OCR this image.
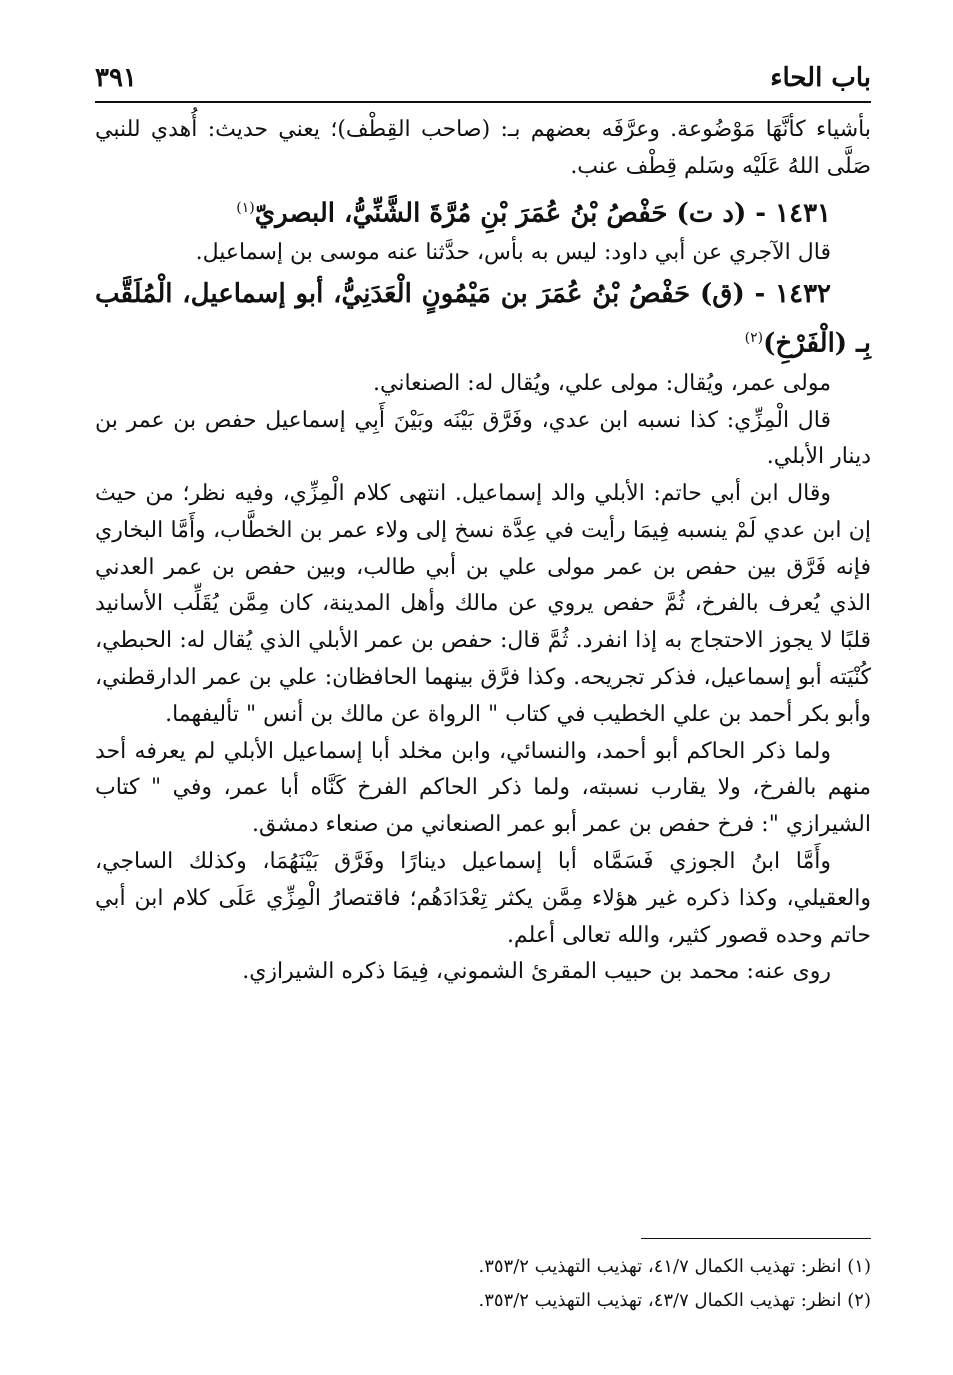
باب الحاء
٣٩١

بأشياء كأنَّهَا مَوْضُوعة. وعرَّفَه بعضهم بـ: (صاحب القِطْف)؛ يعني حديث: أُهدي للنبي صَلَّى اللهُ عَلَيْه وسَلم قِطْف عنب.

١٤٣١ - (د ت) حَفْصُ بْنُ عُمَرَ بْنِ مُرَّةَ الشَّنِّيُّ، البصريّ$^{(١)}$

قال الآجري عن أبي داود: ليس به بأس، حدَّثنا عنه موسى بن إسماعيل.

١٤٣٢ - (ق) حَفْصُ بْنُ عُمَرَ بن مَيْمُونٍ الْعَدَنِيُّ، أبو إسماعيل، الْمُلَقَّب بِـ (الْفَرْخِ)$^{(٢)}$

مولى عمر، ويُقال: مولى علي، ويُقال له: الصنعاني.

قال الْمِزِّي: كذا نسبه ابن عدي، وفَرَّق بَيْنَه وبَيْنَ أَبِي إسماعيل حفص بن عمر بن دينار الأبلي.

وقال ابن أبي حاتم: الأبلي والد إسماعيل. انتهى كلام الْمِزِّي، وفيه نظر؛ من حيث إن ابن عدي لَمْ ينسبه فِيمَا رأيت في عِدَّة نسخ إلى ولاء عمر بن الخطَّاب، وأَمَّا البخاري فإنه فَرَّق بين حفص بن عمر مولى علي بن أبي طالب، وبين حفص بن عمر العدني الذي يُعرف بالفرخ، ثُمَّ حفص يروي عن مالك وأهل المدينة، كان مِمَّن يُقَلِّب الأسانيد قلبًا لا يجوز الاحتجاج به إذا انفرد. ثُمَّ قال: حفص بن عمر الأبلي الذي يُقال له: الحبطي، كُنْيَته أبو إسماعيل، فذكر تجريحه. وكذا فرَّق بينهما الحافظان: علي بن عمر الدارقطني، وأبو بكر أحمد بن علي الخطيب في كتاب " الرواة عن مالك بن أنس " تأليفهما.

ولما ذكر الحاكم أبو أحمد، والنسائي، وابن مخلد أبا إسماعيل الأبلي لم يعرفه أحد منهم بالفرخ، ولا يقارب نسبته، ولما ذكر الحاكم الفرخ كَنَّاه أبا عمر، وفي " كتاب الشيرازي ": فرخ حفص بن عمر أبو عمر الصنعاني من صنعاء دمشق.

وأَمَّا ابنُ الجوزي فَسَمَّاه أبا إسماعيل دينارًا وفَرَّق بَيْنَهُمَا، وكذلك الساجي، والعقيلي، وكذا ذكره غير هؤلاء مِمَّن يكثر تِعْدَادَهُم؛ فاقتصارُ الْمِزِّي عَلَى كلام ابن أبي حاتم وحده قصور كثير، والله تعالى أعلم.

روى عنه: محمد بن حبيب المقرئ الشموني، فِيمَا ذكره الشيرازي.

(١) انظر: تهذيب الكمال ٤١/٧، تهذيب التهذيب ٣٥٣/٢.

(٢) انظر: تهذيب الكمال ٤٣/٧، تهذيب التهذيب ٣٥٣/٢.
